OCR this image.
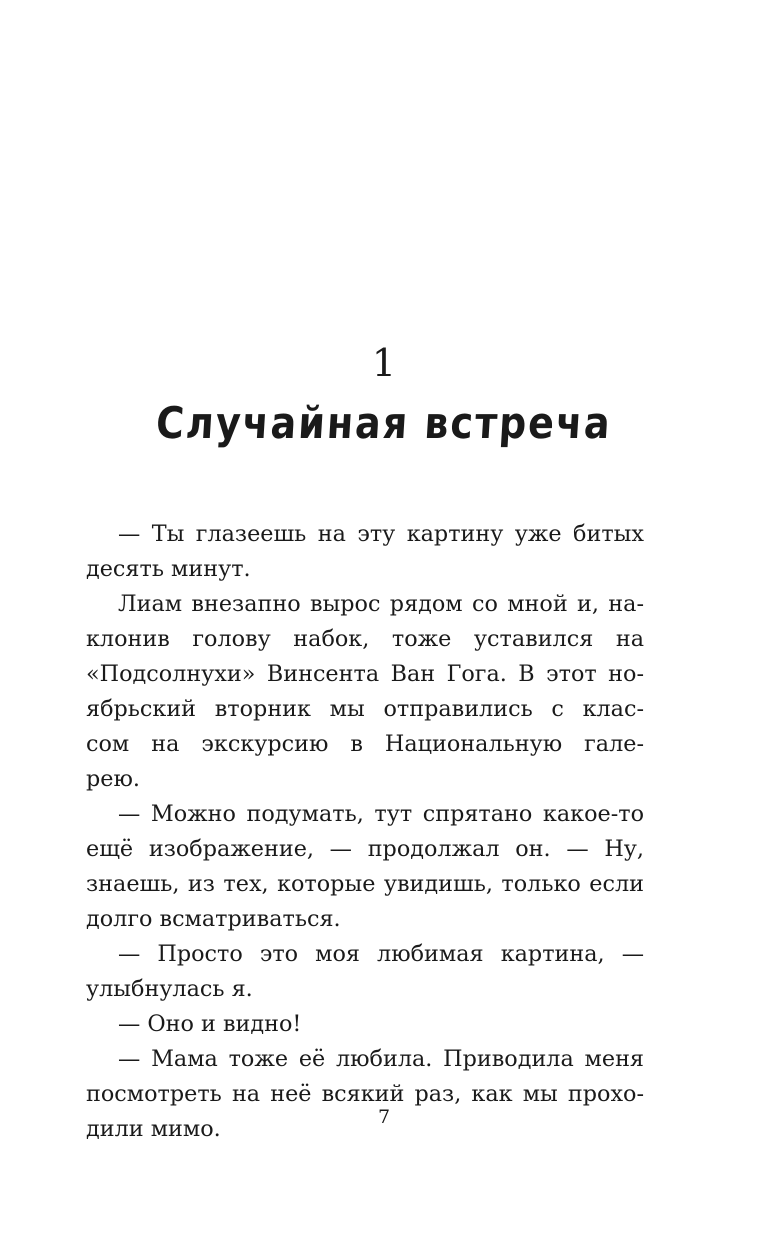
1
Случайная встреча

— Ты глазеешь на эту картину уже битых
десять минут.

Лиам внезапно вырос рядом со мной и, на-
клонив голову набок, тоже уставился на
«Подсолнухи» Винсента Ван Гога. В этот но-
ябрьский вторник мы отправились с клас-
сом на экскурсию в Национальную гале-
рею.

— Можно подумать, тут спрятано какое-то
ещё изображение, — продолжал он. — Ну,
знаешь, из тех, которые увидишь, только если
долго всматриваться.

— Просто это моя любимая картина, —
улыбнулась я.

— Оно и видно!

— Мама тоже её любила. Приводила меня
посмотреть на неё всякий раз, как мы прохо-
дили мимо.	7
